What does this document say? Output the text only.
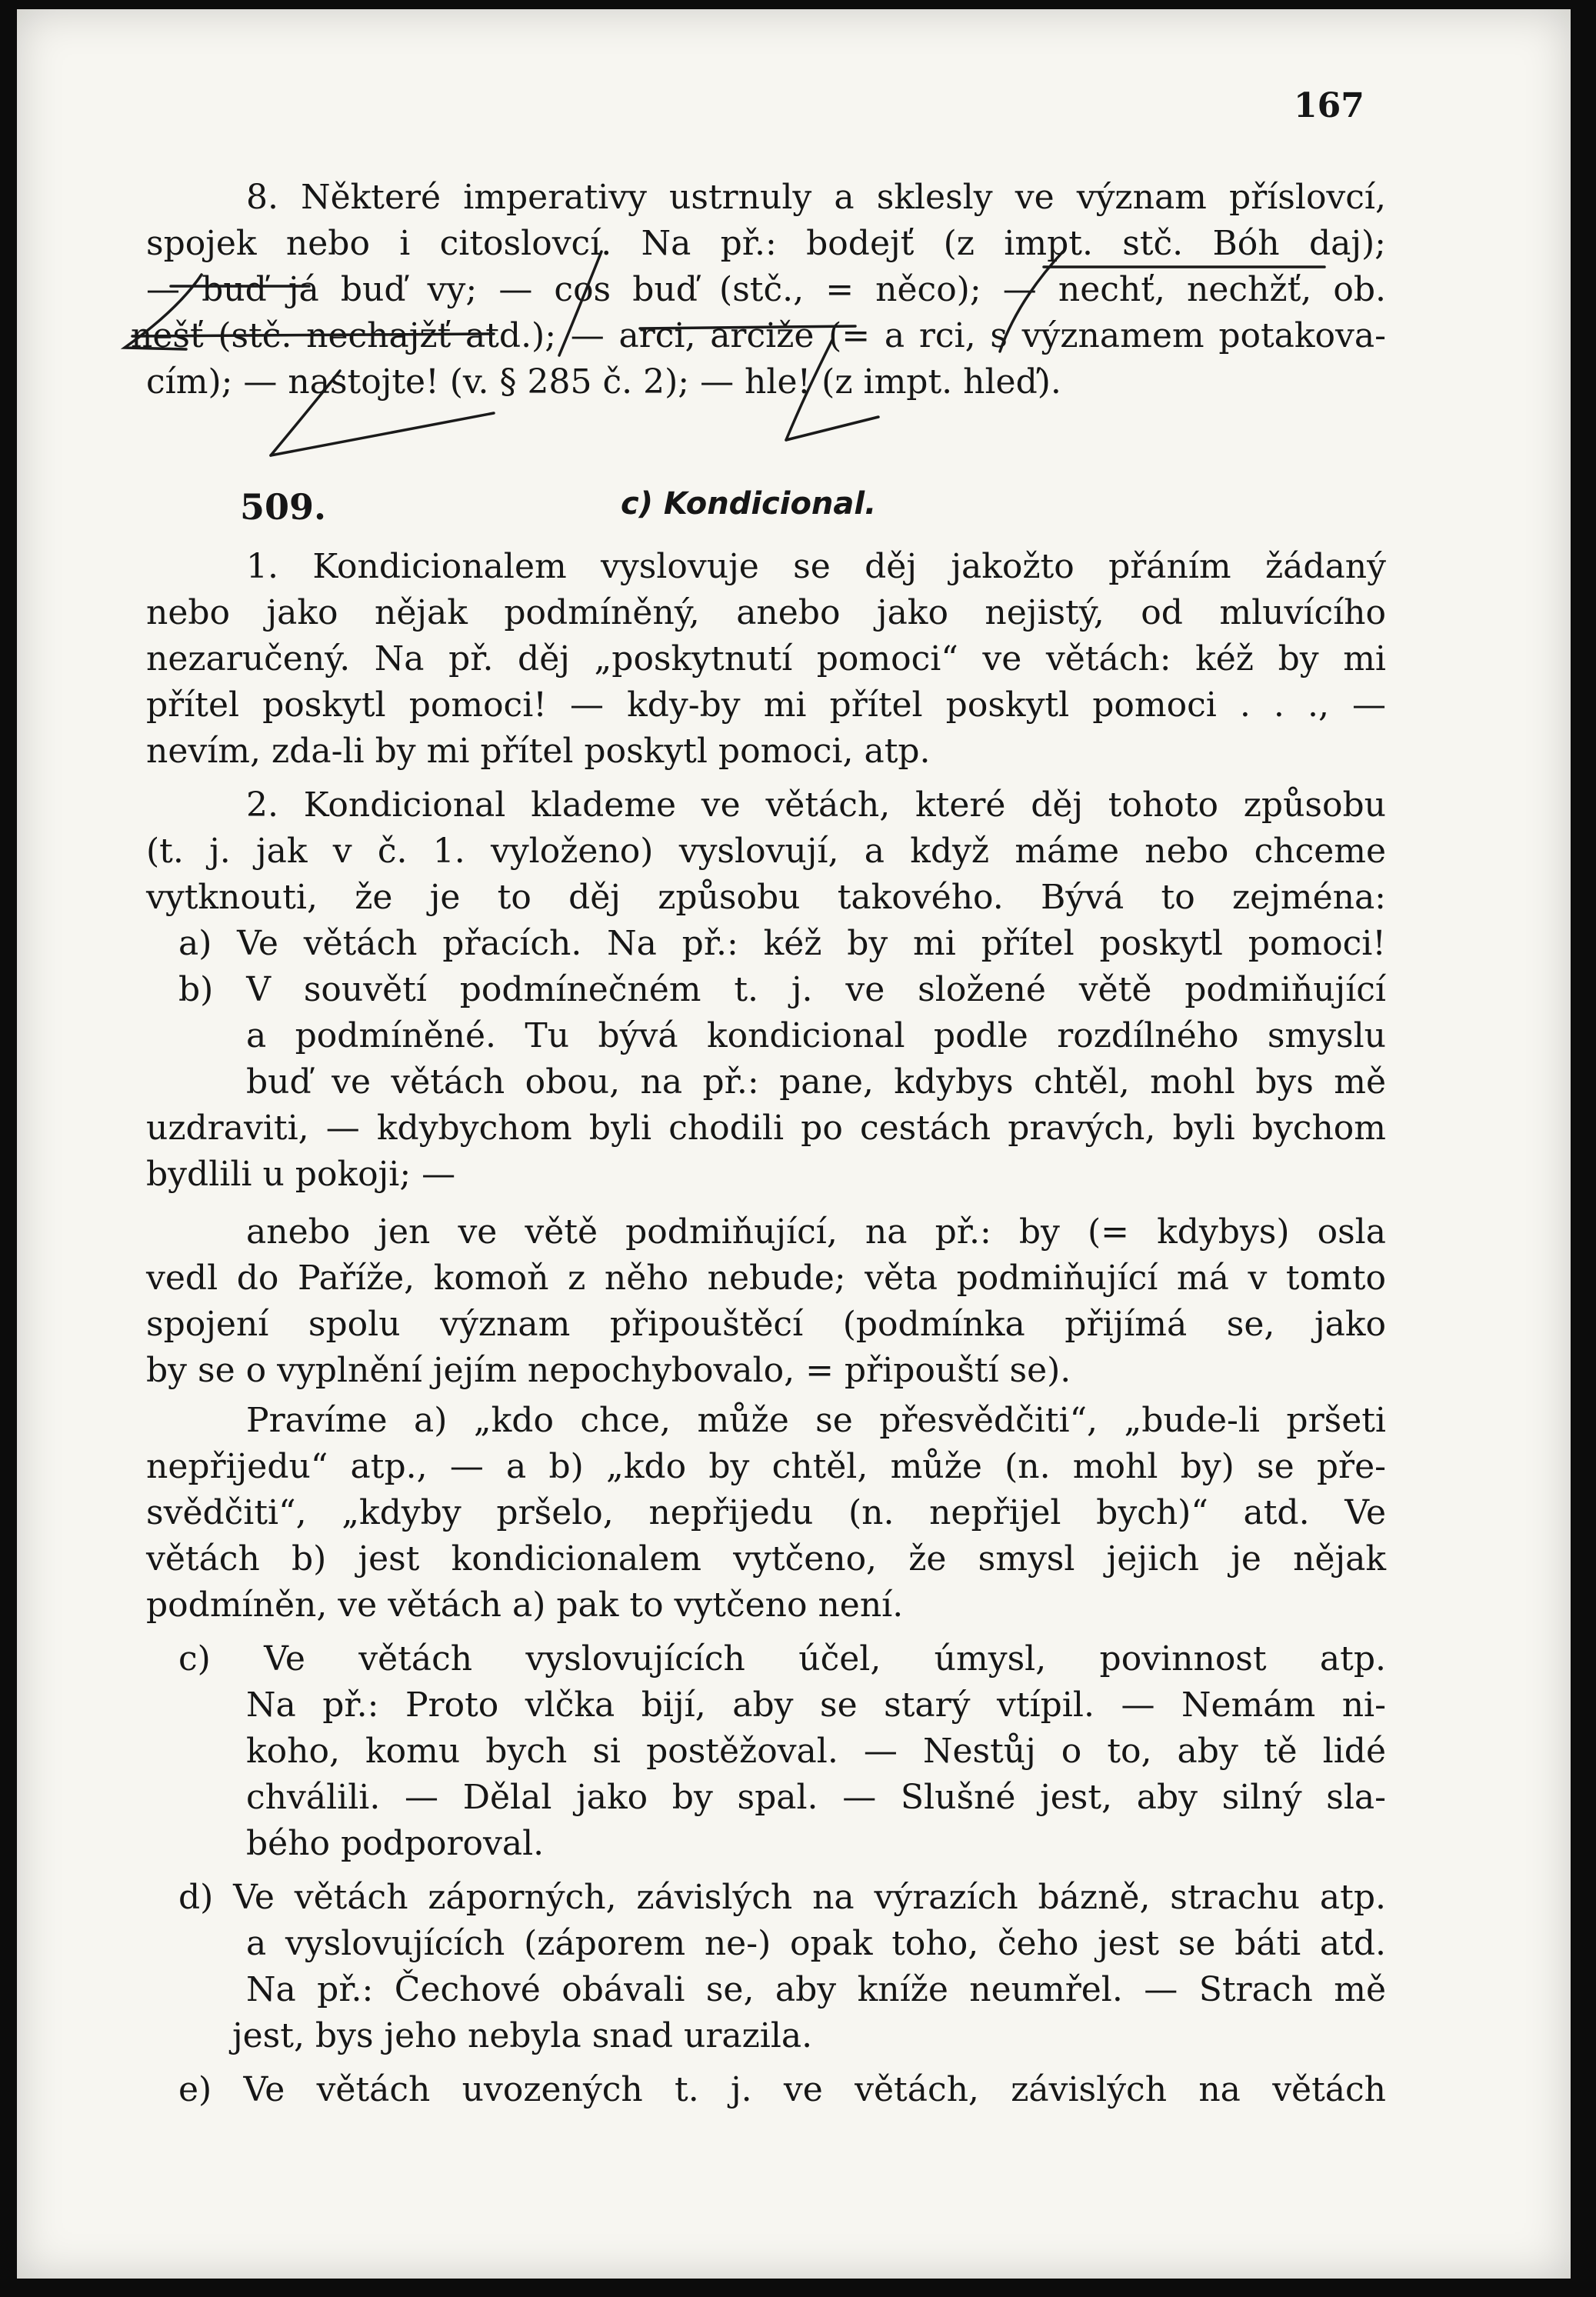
167
8. Některé imperativy ustrnuly a sklesly ve význam příslovcí,
spojek nebo i citoslovcí. Na př.: bodejť (z impt. stč. Bóh daj);
— buď já buď vy; — cos buď (stč., = něco); — nechť, nechžť, ob.
nešť (stč. nechajžť atd.); — arci, arciže (= a rci, s významem potakova-
cím); — nastojte! (v. § 285 č. 2); — hle! (z impt. hleď).
509.	c) Kondicional.
1. Kondicionalem vyslovuje se děj jakožto přáním žádaný
nebo jako nějak podmíněný, anebo jako nejistý, od mluvícího
nezaručený. Na př. děj „poskytnutí pomoci“ ve větách: kéž by mi
přítel poskytl pomoci! — kdy-by mi přítel poskytl pomoci . . ., —
nevím, zda-li by mi přítel poskytl pomoci, atp.
2. Kondicional klademe ve větách, které děj tohoto způsobu
(t. j. jak v č. 1. vyloženo) vyslovují, a když máme nebo chceme
vytknouti, že je to děj způsobu takového. Bývá to zejména:
a) Ve větách přacích. Na př.: kéž by mi přítel poskytl pomoci!
b) V souvětí podmínečném t. j. ve složené větě podmiňující
a podmíněné. Tu bývá kondicional podle rozdílného smyslu
buď ve větách obou, na př.: pane, kdybys chtěl, mohl bys mě
uzdraviti, — kdybychom byli chodili po cestách pravých, byli bychom
bydlili u pokoji; —
anebo jen ve větě podmiňující, na př.: by (= kdybys) osla
vedl do Paříže, komoň z něho nebude; věta podmiňující má v tomto
spojení spolu význam připouštěcí (podmínka přijímá se, jako
by se o vyplnění jejím nepochybovalo, = připouští se).
Pravíme a) „kdo chce, může se přesvědčiti“, „bude-li pršeti
nepřijedu“ atp., — a b) „kdo by chtěl, může (n. mohl by) se pře-
svědčiti“, „kdyby pršelo, nepřijedu (n. nepřijel bych)“ atd. Ve
větách b) jest kondicionalem vytčeno, že smysl jejich je nějak
podmíněn, ve větách a) pak to vytčeno není.
c) Ve větách vyslovujících účel, úmysl, povinnost atp.
Na př.: Proto vlčka bijí, aby se starý vtípil. — Nemám ni-
koho, komu bych si postěžoval. — Nestůj o to, aby tě lidé
chválili. — Dělal jako by spal. — Slušné jest, aby silný sla-
bého podporoval.
d) Ve větách záporných, závislých na výrazích bázně, strachu atp.
a vyslovujících (záporem ne-) opak toho, čeho jest se báti atd.
Na př.: Čechové obávali se, aby kníže neumřel. — Strach mě
jest, bys jeho nebyla snad urazila.
e) Ve větách uvozených t. j. ve větách, závislých na větách
